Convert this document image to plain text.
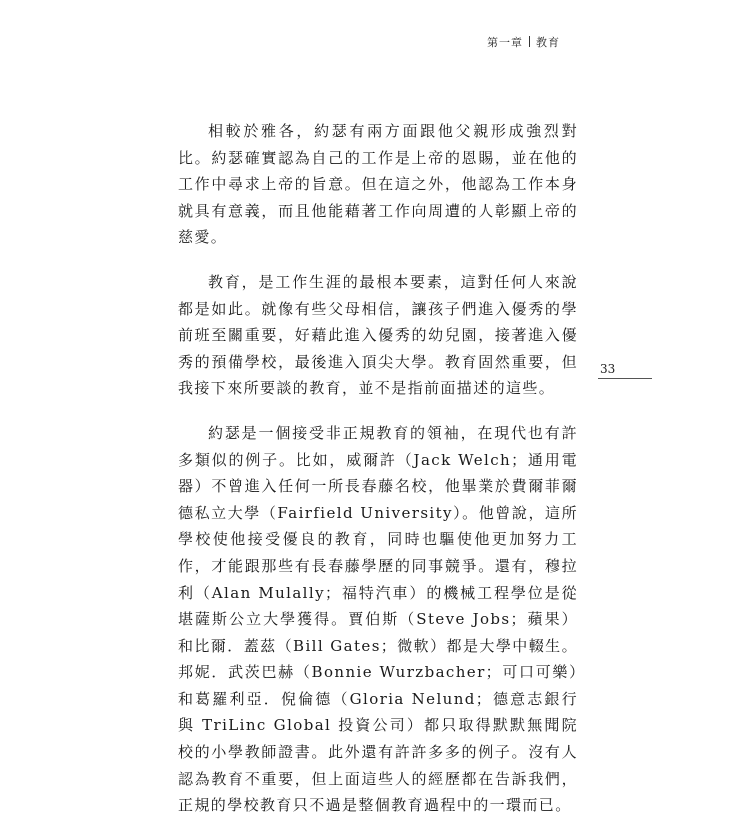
第一章 教育
33

相較於雅各，約瑟有兩方面跟他父親形成強烈對比。約瑟確實認為自己的工作是上帝的恩賜，並在他的工作中尋求上帝的旨意。但在這之外，他認為工作本身就具有意義，而且他能藉著工作向周遭的人彰顯上帝的慈愛。

教育，是工作生涯的最根本要素，這對任何人來說都是如此。就像有些父母相信，讓孩子們進入優秀的學前班至關重要，好藉此進入優秀的幼兒園，接著進入優秀的預備學校，最後進入頂尖大學。教育固然重要，但我接下來所要談的教育，並不是指前面描述的這些。

約瑟是一個接受非正規教育的領袖，在現代也有許多類似的例子。比如，威爾許（Jack Welch；通用電器）不曾進入任何一所長春藤名校，他畢業於費爾菲爾德私立大學（Fairfield University）。他曾說，這所學校使他接受優良的教育，同時也驅使他更加努力工作，才能跟那些有長春藤學歷的同事競爭。還有，穆拉利（Alan Mulally；福特汽車）的機械工程學位是從堪薩斯公立大學獲得。賈伯斯（Steve Jobs；蘋果）和比爾．蓋茲（Bill Gates；微軟）都是大學中輟生。邦妮．武茨巴赫（Bonnie Wurzbacher；可口可樂）和葛羅利亞．倪倫德（Gloria Nelund；德意志銀行與 TriLinc Global 投資公司）都只取得默默無聞院校的小學教師證書。此外還有許許多多的例子。沒有人認為教育不重要，但上面這些人的經歷都在告訴我們，正規的學校教育只不過是整個教育過程中的一環而已。
